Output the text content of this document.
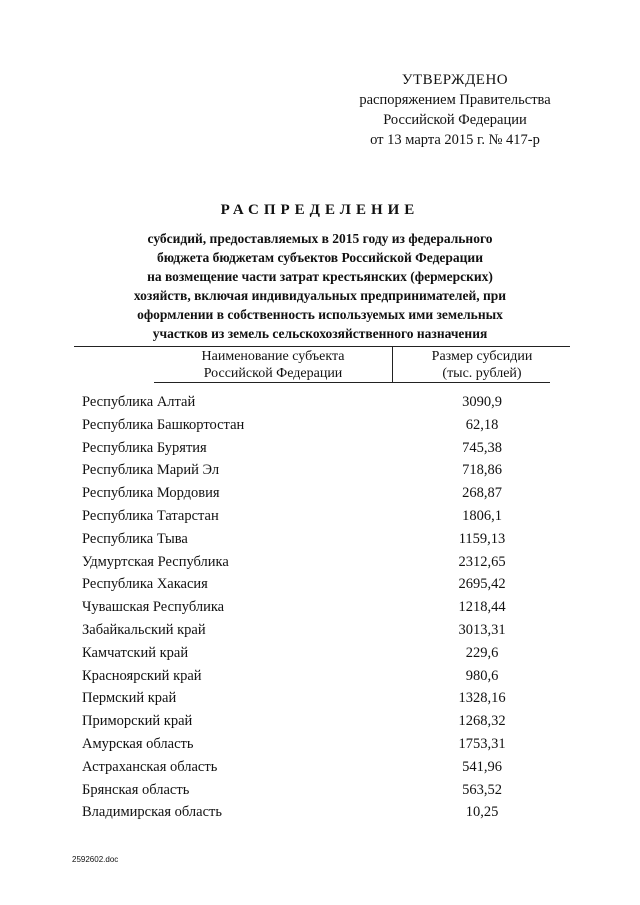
УТВЕРЖДЕНО
распоряжением Правительства
Российской Федерации
от 13 марта 2015 г. № 417-р
РАСПРЕДЕЛЕНИЕ
субсидий, предоставляемых в 2015 году из федерального
бюджета бюджетам субъектов Российской Федерации
на возмещение части затрат крестьянских (фермерских)
хозяйств, включая индивидуальных предпринимателей, при
оформлении в собственность используемых ими земельных
участков из земель сельскохозяйственного назначения
Наименование субъекта
Российской Федерации
Размер субсидии
(тыс. рублей)
Республика Алтай	3090,9
Республика Башкортостан	62,18
Республика Бурятия	745,38
Республика Марий Эл	718,86
Республика Мордовия	268,87
Республика Татарстан	1806,1
Республика Тыва	1159,13
Удмуртская Республика	2312,65
Республика Хакасия	2695,42
Чувашская Республика	1218,44
Забайкальский край	3013,31
Камчатский край	229,6
Красноярский край	980,6
Пермский край	1328,16
Приморский край	1268,32
Амурская область	1753,31
Астраханская область	541,96
Брянская область	563,52
Владимирская область	10,25
2592602.doc
